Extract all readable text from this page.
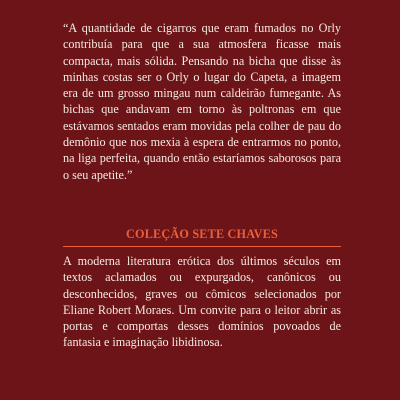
“A quantidade de cigarros que eram fumados no Orly contribuía para que a sua atmosfera ficasse mais compacta, mais sólida. Pensando na bicha que disse às minhas costas ser o Orly o lugar do Capeta, a imagem era de um grosso mingau num caldeirão fumegante. As bichas que andavam em torno às poltronas em que estávamos sentados eram movidas pela colher de pau do demônio que nos mexia à espera de entrarmos no ponto, na liga perfeita, quando então estaríamos saborosos para o seu apetite.”

COLEÇÃO SETE CHAVES

A moderna literatura erótica dos últimos séculos em textos aclamados ou expurgados, canônicos ou desconhecidos, graves ou cômicos selecionados por Eliane Robert Moraes. Um convite para o leitor abrir as portas e comportas desses domínios povoados de fantasia e imaginação libidinosa.
